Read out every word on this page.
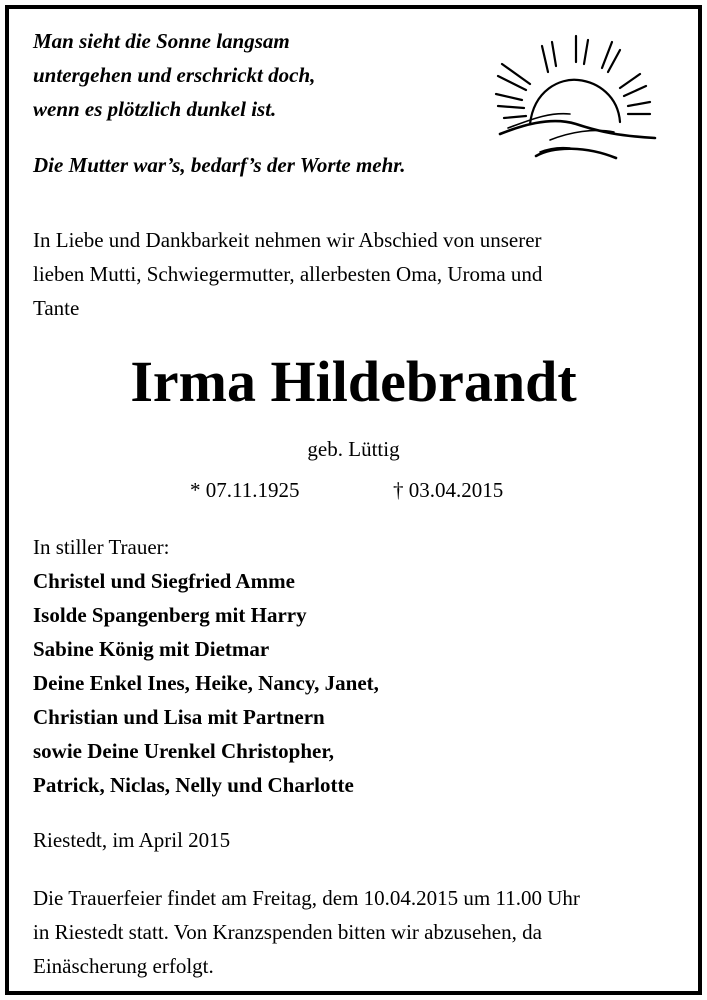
Man sieht die Sonne langsam
untergehen und erschrickt doch,
wenn es plötzlich dunkel ist.
Die Mutter war’s, bedarf’s der Worte mehr.
In Liebe und Dankbarkeit nehmen wir Abschied von unserer
lieben Mutti, Schwiegermutter, allerbesten Oma, Uroma und
Tante
Irma Hildebrandt
geb. Lüttig
* 07.11.1925	† 03.04.2015
In stiller Trauer:
Christel und Siegfried Amme
Isolde Spangenberg mit Harry
Sabine König mit Dietmar
Deine Enkel Ines, Heike, Nancy, Janet,
Christian und Lisa mit Partnern
sowie Deine Urenkel Christopher,
Patrick, Niclas, Nelly und Charlotte
Riestedt, im April 2015
Die Trauerfeier findet am Freitag, dem 10.04.2015 um 11.00 Uhr
in Riestedt statt. Von Kranzspenden bitten wir abzusehen, da
Einäscherung erfolgt.
